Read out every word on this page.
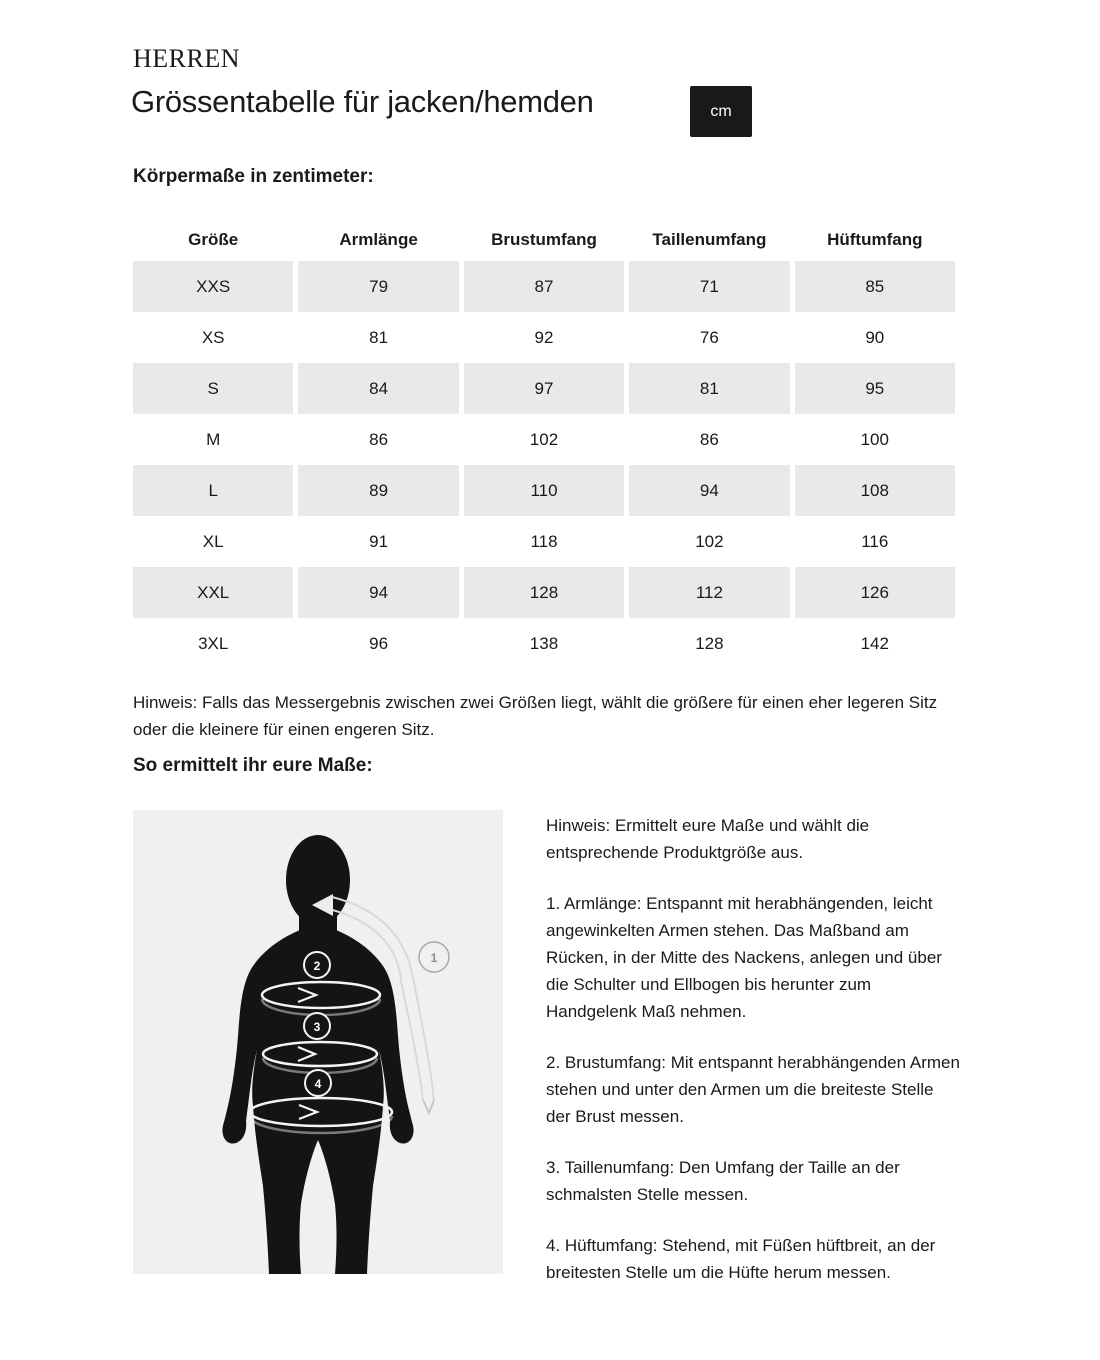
HERREN
Grössentabelle für jacken/hemden	cm
Körpermaße in zentimeter:
Größe	Armlänge	Brustumfang	Taillenumfang	Hüftumfang
XXS	79	87	71	85
XS	81	92	76	90
S	84	97	81	95
M	86	102	86	100
L	89	110	94	108
XL	91	118	102	116
XXL	94	128	112	126
3XL	96	138	128	142

Hinweis: Falls das Messergebnis zwischen zwei Größen liegt, wählt die größere für einen eher legeren Sitz oder die kleinere für einen engeren Sitz.

So ermittelt ihr eure Maße:
1
2
3
4

Hinweis: Ermittelt eure Maße und wählt die entsprechende Produktgröße aus.

1. Armlänge: Entspannt mit herabhängenden, leicht angewinkelten Armen stehen. Das Maßband am Rücken, in der Mitte des Nackens, anlegen und über die Schulter und Ellbogen bis herunter zum Handgelenk Maß nehmen.

2. Brustumfang: Mit entspannt herabhängenden Armen stehen und unter den Armen um die breiteste Stelle der Brust messen.

3. Taillenumfang: Den Umfang der Taille an der schmalsten Stelle messen.

4. Hüftumfang: Stehend, mit Füßen hüftbreit, an der breitesten Stelle um die Hüfte herum messen.
